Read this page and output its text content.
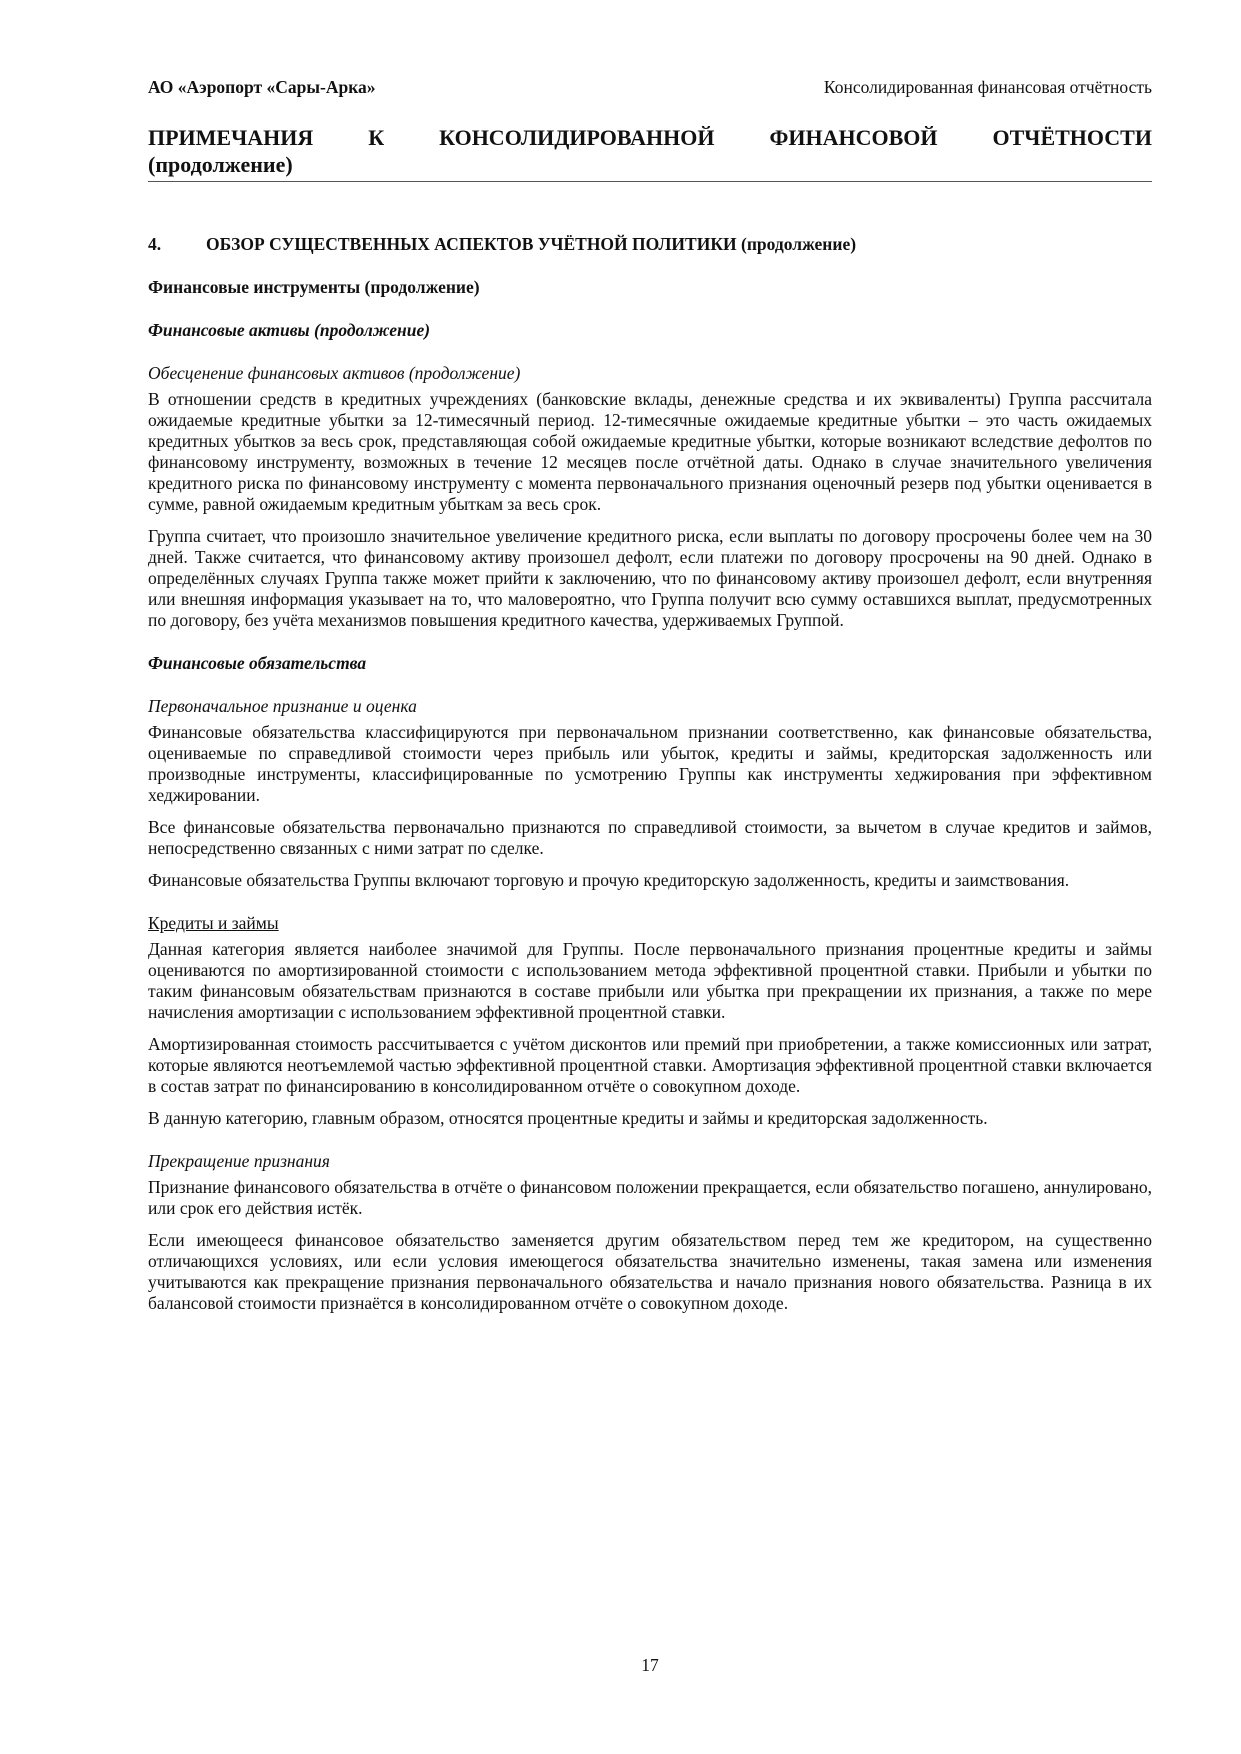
АО «Аэропорт «Сары-Арка»	Консолидированная финансовая отчётность
ПРИМЕЧАНИЯ К КОНСОЛИДИРОВАННОЙ ФИНАНСОВОЙ ОТЧЁТНОСТИ
(продолжение)
4.	ОБЗОР СУЩЕСТВЕННЫХ АСПЕКТОВ УЧЁТНОЙ ПОЛИТИКИ (продолжение)
Финансовые инструменты (продолжение)
Финансовые активы (продолжение)
Обесценение финансовых активов (продолжение)

В отношении средств в кредитных учреждениях (банковские вклады, денежные средства и их эквиваленты) Группа рассчитала ожидаемые кредитные убытки за 12-тимесячный период. 12-тимесячные ожидаемые кредитные убытки – это часть ожидаемых кредитных убытков за весь срок, представляющая собой ожидаемые кредитные убытки, которые возникают вследствие дефолтов по финансовому инструменту, возможных в течение 12 месяцев после отчётной даты. Однако в случае значительного увеличения кредитного риска по финансовому инструменту с момента первоначального признания оценочный резерв под убытки оценивается в сумме, равной ожидаемым кредитным убыткам за весь срок.

Группа считает, что произошло значительное увеличение кредитного риска, если выплаты по договору просрочены более чем на 30 дней. Также считается, что финансовому активу произошел дефолт, если платежи по договору просрочены на 90 дней. Однако в определённых случаях Группа также может прийти к заключению, что по финансовому активу произошел дефолт, если внутренняя или внешняя информация указывает на то, что маловероятно, что Группа получит всю сумму оставшихся выплат, предусмотренных по договору, без учёта механизмов повышения кредитного качества, удерживаемых Группой.

Финансовые обязательства
Первоначальное признание и оценка

Финансовые обязательства классифицируются при первоначальном признании соответственно, как финансовые обязательства, оцениваемые по справедливой стоимости через прибыль или убыток, кредиты и займы, кредиторская задолженность или производные инструменты, классифицированные по усмотрению Группы как инструменты хеджирования при эффективном хеджировании.

Все финансовые обязательства первоначально признаются по справедливой стоимости, за вычетом в случае кредитов и займов, непосредственно связанных с ними затрат по сделке.

Финансовые обязательства Группы включают торговую и прочую кредиторскую задолженность, кредиты и заимствования.

Кредиты и займы

Данная категория является наиболее значимой для Группы. После первоначального признания процентные кредиты и займы оцениваются по амортизированной стоимости с использованием метода эффективной процентной ставки. Прибыли и убытки по таким финансовым обязательствам признаются в составе прибыли или убытка при прекращении их признания, а также по мере начисления амортизации с использованием эффективной процентной ставки.

Амортизированная стоимость рассчитывается с учётом дисконтов или премий при приобретении, а также комиссионных или затрат, которые являются неотъемлемой частью эффективной процентной ставки. Амортизация эффективной процентной ставки включается в состав затрат по финансированию в консолидированном отчёте о совокупном доходе.

В данную категорию, главным образом, относятся процентные кредиты и займы и кредиторская задолженность.

Прекращение признания

Признание финансового обязательства в отчёте о финансовом положении прекращается, если обязательство погашено, аннулировано, или срок его действия истёк.

Если имеющееся финансовое обязательство заменяется другим обязательством перед тем же кредитором, на существенно отличающихся условиях, или если условия имеющегося обязательства значительно изменены, такая замена или изменения учитываются как прекращение признания первоначального обязательства и начало признания нового обязательства. Разница в их балансовой стоимости признаётся в консолидированном отчёте о совокупном доходе.

17
